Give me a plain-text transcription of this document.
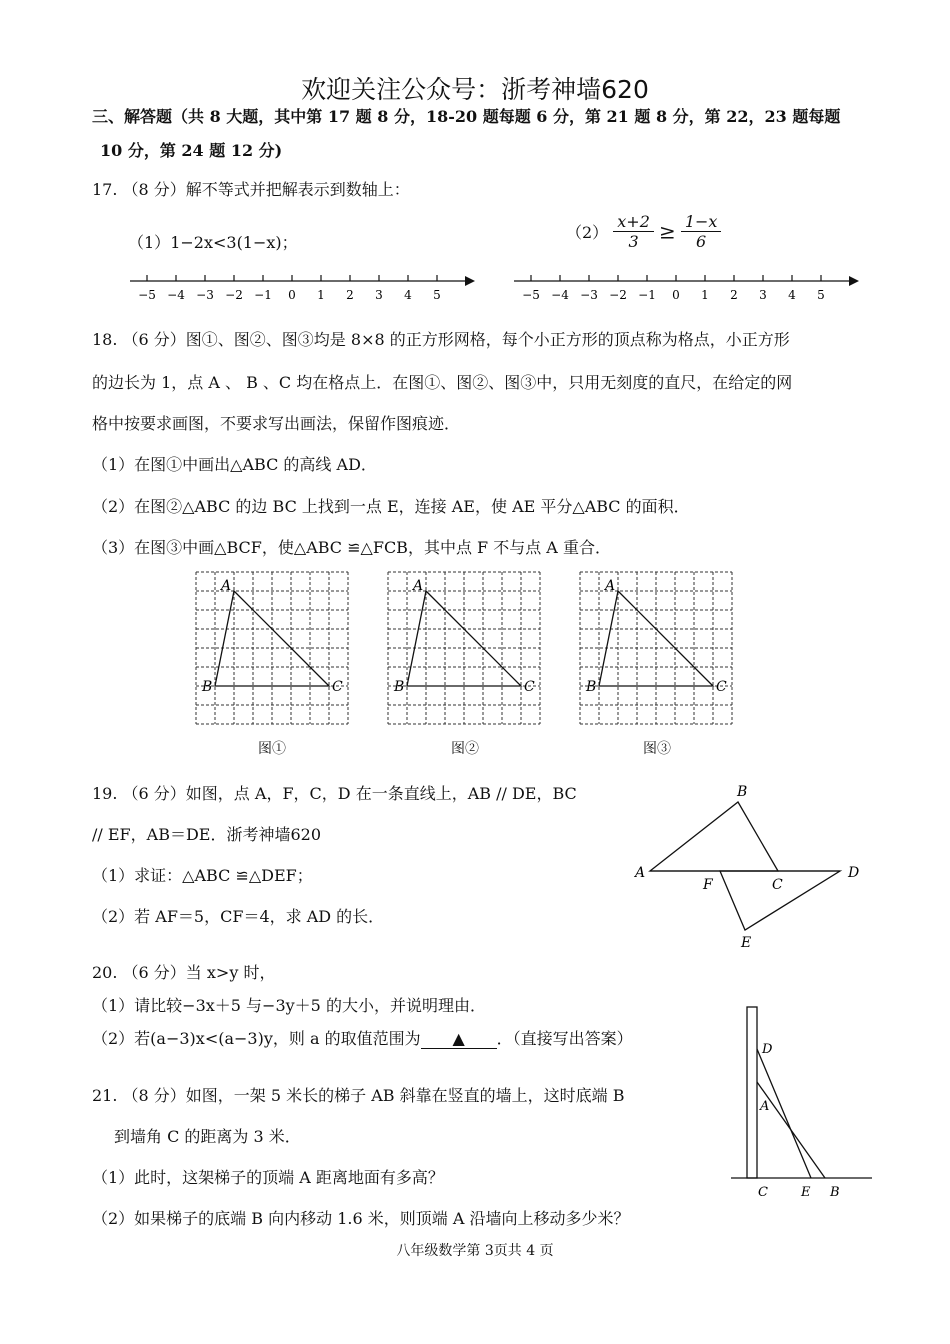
欢迎关注公众号：浙考神墙620
三、解答题（共 8 大题，其中第 17 题 8 分，18-20 题每题 6 分，第 21 题 8 分，第 22，23 题每题
10 分，第 24 题 12 分)
17. （8 分）解不等式并把解表示到数轴上：
（1）1−2x<3(1−x)；
$(2) \frac{x+2}{3} \ge \frac{1-x}{6}$
−5 −4 −3 −2 −1 0 1 2 3 4 5	−5 −4 −3 −2 −1 0 1 2 3 4 5
18. （6 分）图①、图②、图③均是 8×8 的正方形网格，每个小正方形的顶点称为格点，小正方形
的边长为 1，点 A 、 B 、C 均在格点上．在图①、图②、图③中，只用无刻度的直尺，在给定的网
格中按要求画图，不要求写出画法，保留作图痕迹．
（1）在图①中画出△ABC 的高线 AD．
（2）在图②△ABC 的边 BC 上找到一点 E，连接 AE，使 AE 平分△ABC 的面积．
（3）在图③中画△BCF，使△ABC ≌△FCB，其中点 F 不与点 A 重合．
A
B	C
A
B	C
A
B	C
图①	图②	图③
19. （6 分）如图，点 A，F，C，D 在一条直线上，AB // DE，BC
// EF，AB＝DE．浙考神墙620
（1）求证：△ABC ≌△DEF；
（2）若 AF＝5，CF＝4，求 AD 的长．
A
B
F	C
D
E
20. （6 分）当 x>y 时，
（1）请比较−3x＋5 与−3y＋5 的大小，并说明理由．
（2）若(a−3)x<(a−3)y，则 a 的取值范围为 ▲ ．（直接写出答案）
21. （8 分）如图，一架 5 米长的梯子 AB 斜靠在竖直的墙上，这时底端 B
到墙角 C 的距离为 3 米．
（1）此时，这架梯子的顶端 A 距离地面有多高？
（2）如果梯子的底端 B 向内移动 1.6 米，则顶端 A 沿墙向上移动多少米？
D
A
C	E B
八年级数学第 3页共 4 页
